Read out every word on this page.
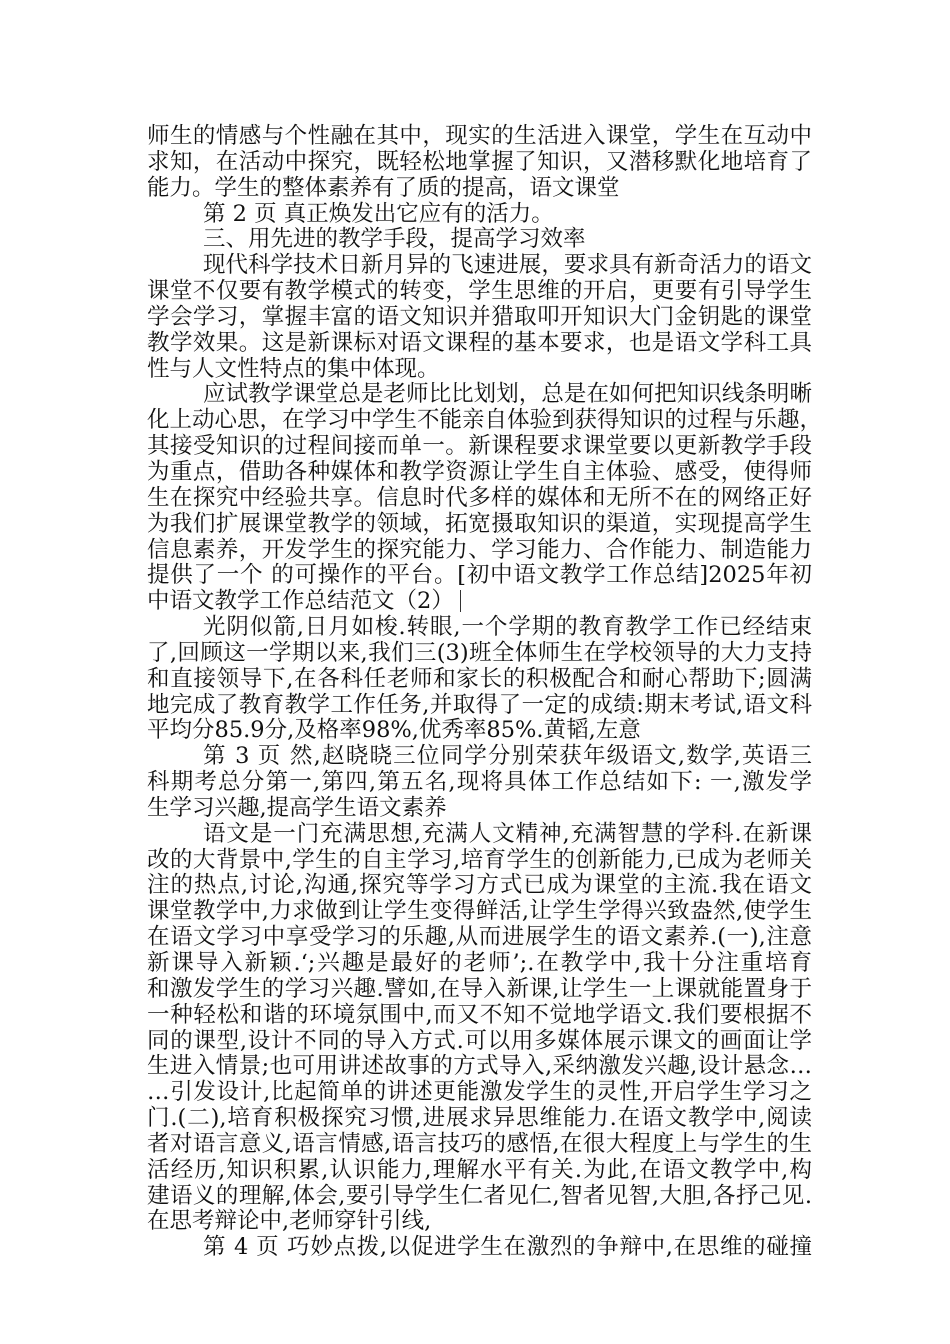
师生的情感与个性融在其中，现实的生活进入课堂，学生在互动中
求知，在活动中探究，既轻松地掌握了知识，又潜移默化地培育了
能力。学生的整体素养有了质的提高，语文课堂
第 2 页 真正焕发出它应有的活力。
三、用先进的教学手段，提高学习效率
现代科学技术日新月异的飞速进展，要求具有新奇活力的语文
课堂不仅要有教学模式的转变，学生思维的开启，更要有引导学生
学会学习，掌握丰富的语文知识并猎取叩开知识大门金钥匙的课堂
教学效果。这是新课标对语文课程的基本要求，也是语文学科工具
性与人文性特点的集中体现。
应试教学课堂总是老师比比划划，总是在如何把知识线条明晰
化上动心思，在学习中学生不能亲自体验到获得知识的过程与乐趣，
其接受知识的过程间接而单一。新课程要求课堂要以更新教学手段
为重点，借助各种媒体和教学资源让学生自主体验、感受，使得师
生在探究中经验共享。信息时代多样的媒体和无所不在的网络正好
为我们扩展课堂教学的领域，拓宽摄取知识的渠道，实现提高学生
信息素养，开发学生的探究能力、学习能力、合作能力、制造能力
提供了一个 的可操作的平台。[初中语文教学工作总结]2025年初
中语文教学工作总结范文（2）
光阴似箭,日月如梭.转眼,一个学期的教育教学工作已经结束
了,回顾这一学期以来,我们三(3)班全体师生在学校领导的大力支持
和直接领导下,在各科任老师和家长的积极配合和耐心帮助下;圆满
地完成了教育教学工作任务,并取得了一定的成绩:期末考试,语文科
平均分85.9分,及格率98%,优秀率85%.黄韬,左意
第 3 页 然,赵晓晓三位同学分别荣获年级语文,数学,英语三
科期考总分第一,第四,第五名,现将具体工作总结如下: 一,激发学
生学习兴趣,提高学生语文素养
语文是一门充满思想,充满人文精神,充满智慧的学科.在新课
改的大背景中,学生的自主学习,培育学生的创新能力,已成为老师关
注的热点,讨论,沟通,探究等学习方式已成为课堂的主流.我在语文
课堂教学中,力求做到让学生变得鲜活,让学生学得兴致盎然,使学生
在语文学习中享受学习的乐趣,从而进展学生的语文素养.(一),注意
新课导入新颖.‘;兴趣是最好的老师’;.在教学中,我十分注重培育
和激发学生的学习兴趣.譬如,在导入新课,让学生一上课就能置身于
一种轻松和谐的环境氛围中,而又不知不觉地学语文.我们要根据不
同的课型,设计不同的导入方式.可以用多媒体展示课文的画面让学
生进入情景;也可用讲述故事的方式导入,采纳激发兴趣,设计悬念…
…引发设计,比起简单的讲述更能激发学生的灵性,开启学生学习之
门.(二),培育积极探究习惯,进展求异思维能力.在语文教学中,阅读
者对语言意义,语言情感,语言技巧的感悟,在很大程度上与学生的生
活经历,知识积累,认识能力,理解水平有关.为此,在语文教学中,构
建语义的理解,体会,要引导学生仁者见仁,智者见智,大胆,各抒己见.
在思考辩论中,老师穿针引线,
第 4 页 巧妙点拨,以促进学生在激烈的争辩中,在思维的碰撞
